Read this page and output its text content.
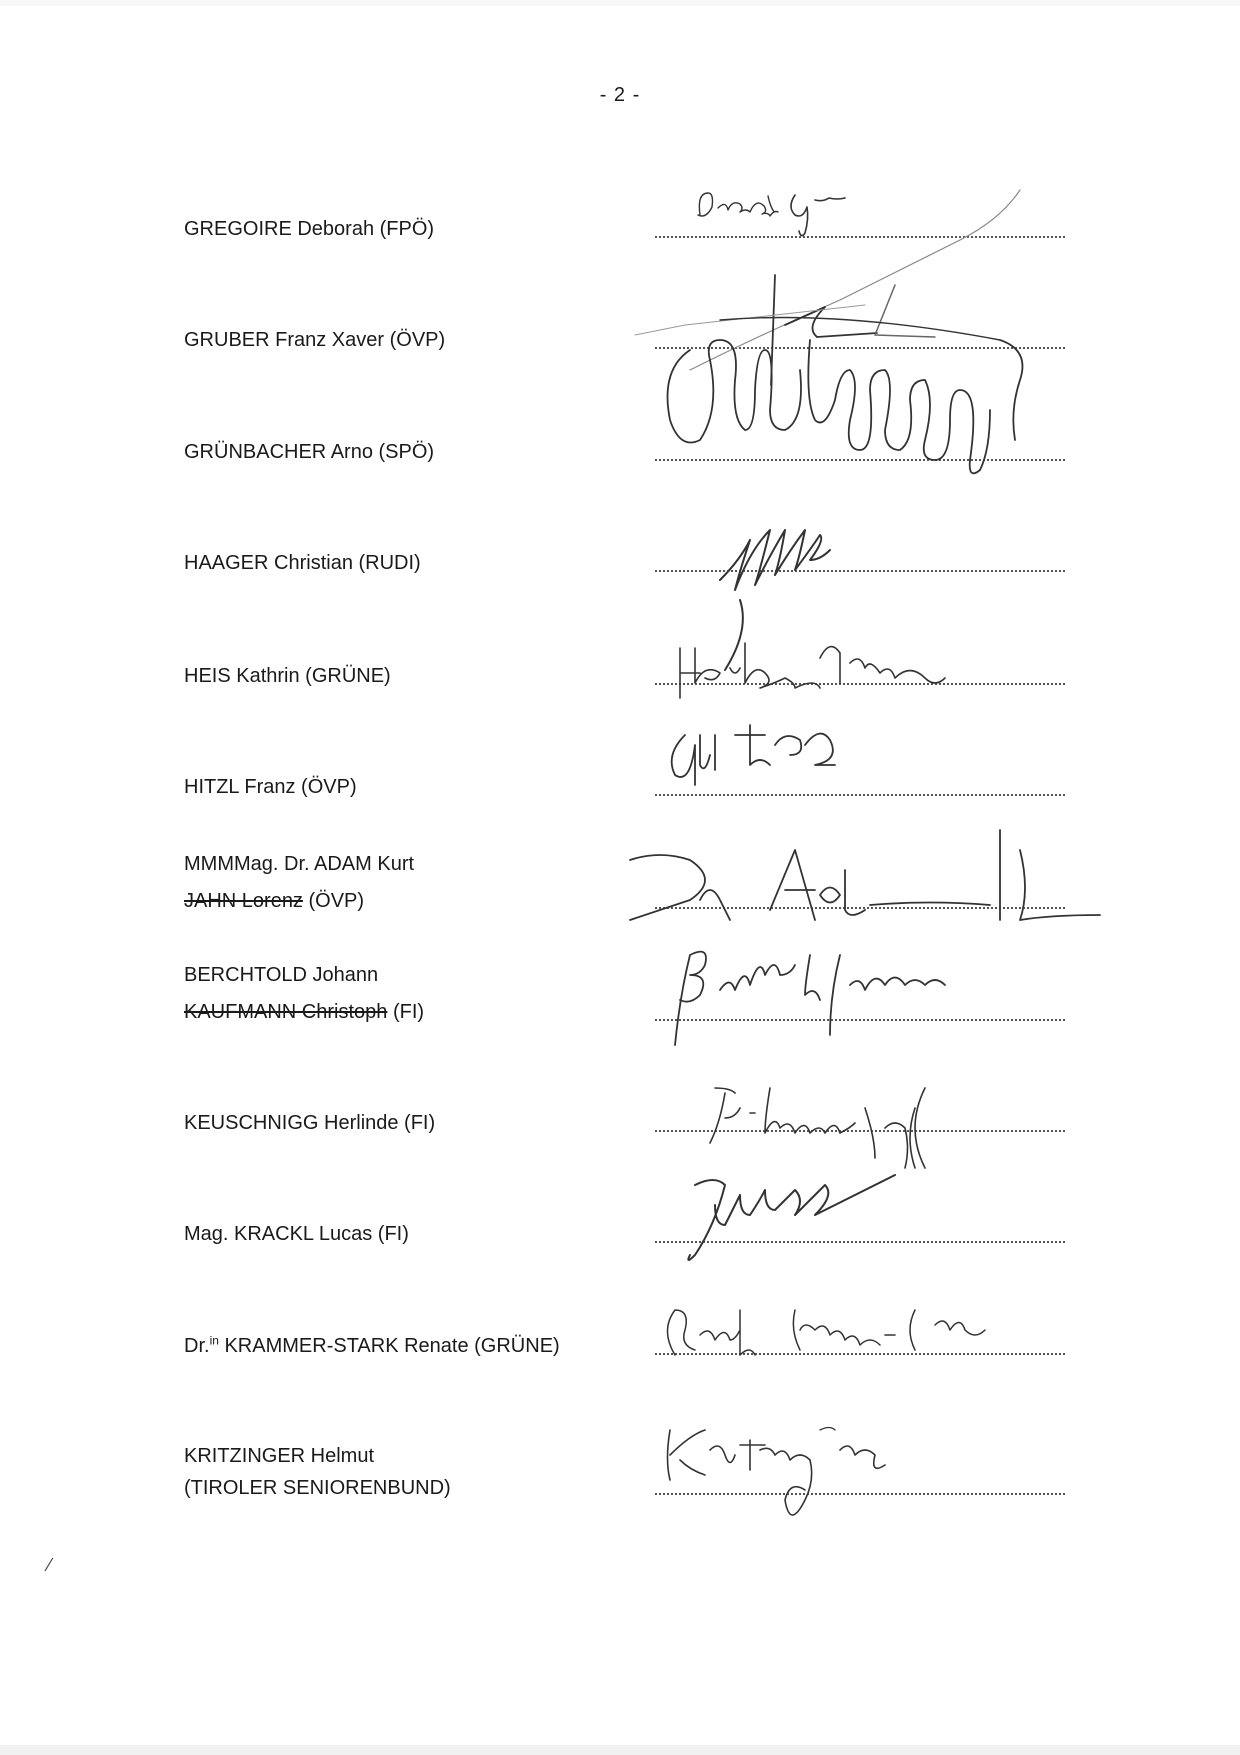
- 2 -
GREGOIRE Deborah (FPÖ)
GRUBER Franz Xaver (ÖVP)
GRÜNBACHER Arno (SPÖ)
HAAGER Christian (RUDI)
HEIS Kathrin (GRÜNE)
HITZL Franz (ÖVP)
MMMMag. Dr. ADAM Kurt
JAHN Lorenz (ÖVP)
BERCHTOLD Johann
KAUFMANN Christoph (FI)
KEUSCHNIGG Herlinde (FI)
Mag. KRACKL Lucas (FI)
Dr.$^{in}$ KRAMMER-STARK Renate (GRÜNE)
KRITZINGER Helmut
(TIROLER SENIORENBUND)
⁄
